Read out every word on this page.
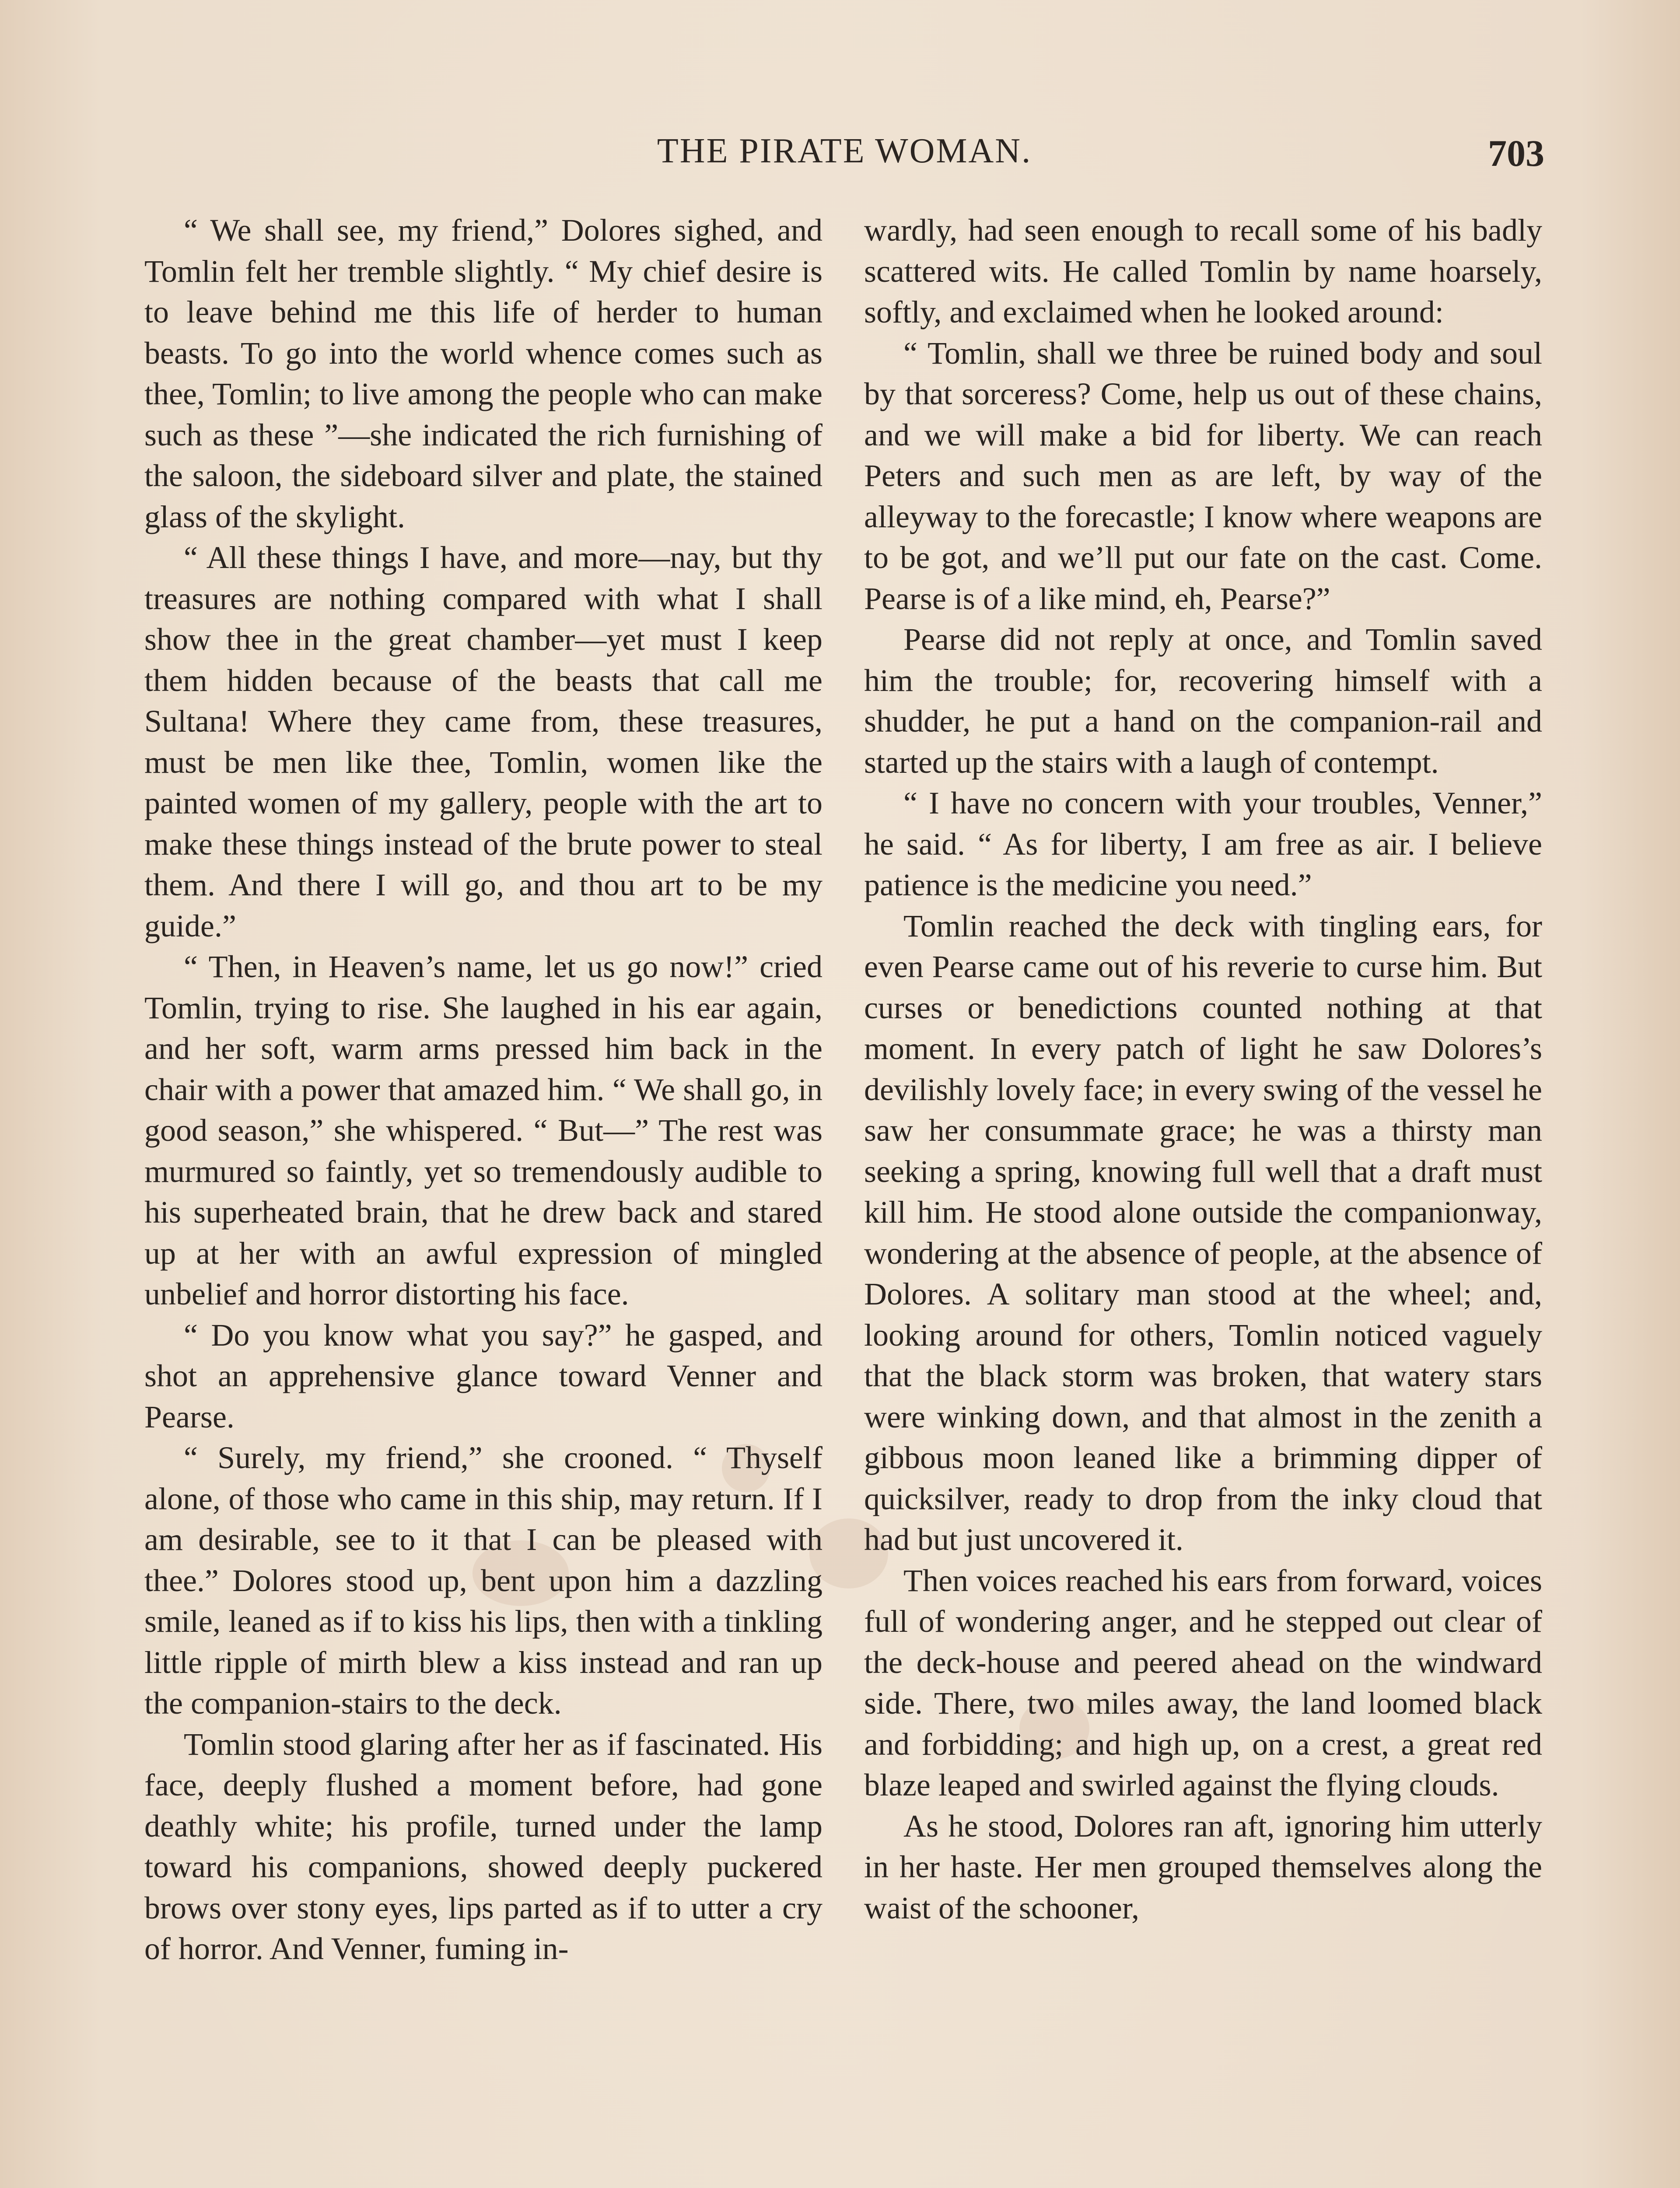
THE PIRATE WOMAN.	703

“ We shall see, my friend,” Dolores sighed, and Tomlin felt her tremble slightly. “ My chief desire is to leave behind me this life of herder to human beasts. To go into the world whence comes such as thee, Tomlin; to live among the people who can make such as these ”—she indicated the rich furnishing of the saloon, the sideboard silver and plate, the stained glass of the skylight.

“ All these things I have, and more—nay, but thy treasures are nothing compared with what I shall show thee in the great chamber—yet must I keep them hidden because of the beasts that call me Sultana! Where they came from, these treasures, must be men like thee, Tomlin, women like the painted women of my gallery, people with the art to make these things instead of the brute power to steal them. And there I will go, and thou art to be my guide.”

“ Then, in Heaven’s name, let us go now!” cried Tomlin, trying to rise. She laughed in his ear again, and her soft, warm arms pressed him back in the chair with a power that amazed him. “ We shall go, in good season,” she whispered. “ But—” The rest was murmured so faintly, yet so tremendously audible to his superheated brain, that he drew back and stared up at her with an awful expression of mingled unbelief and horror distorting his face.

“ Do you know what you say?” he gasped, and shot an apprehensive glance toward Venner and Pearse.

“ Surely, my friend,” she crooned. “ Thyself alone, of those who came in this ship, may return. If I am desirable, see to it that I can be pleased with thee.” Dolores stood up, bent upon him a dazzling smile, leaned as if to kiss his lips, then with a tinkling little ripple of mirth blew a kiss instead and ran up the companion-stairs to the deck.

Tomlin stood glaring after her as if fascinated. His face, deeply flushed a moment before, had gone deathly white; his profile, turned under the lamp toward his companions, showed deeply puckered brows over stony eyes, lips parted as if to utter a cry of horror. And Venner, fuming in-

wardly, had seen enough to recall some of his badly scattered wits. He called Tomlin by name hoarsely, softly, and exclaimed when he looked around:

“ Tomlin, shall we three be ruined body and soul by that sorceress? Come, help us out of these chains, and we will make a bid for liberty. We can reach Peters and such men as are left, by way of the alleyway to the forecastle; I know where weapons are to be got, and we’ll put our fate on the cast. Come. Pearse is of a like mind, eh, Pearse?”

Pearse did not reply at once, and Tomlin saved him the trouble; for, recovering himself with a shudder, he put a hand on the companion-rail and started up the stairs with a laugh of contempt.

“ I have no concern with your troubles, Venner,” he said. “ As for liberty, I am free as air. I believe patience is the medicine you need.”

Tomlin reached the deck with tingling ears, for even Pearse came out of his reverie to curse him. But curses or benedictions counted nothing at that moment. In every patch of light he saw Dolores’s devilishly lovely face; in every swing of the vessel he saw her consummate grace; he was a thirsty man seeking a spring, knowing full well that a draft must kill him. He stood alone outside the companionway, wondering at the absence of people, at the absence of Dolores. A solitary man stood at the wheel; and, looking around for others, Tomlin noticed vaguely that the black storm was broken, that watery stars were winking down, and that almost in the zenith a gibbous moon leaned like a brimming dipper of quicksilver, ready to drop from the inky cloud that had but just uncovered it.

Then voices reached his ears from forward, voices full of wondering anger, and he stepped out clear of the deck-house and peered ahead on the windward side. There, two miles away, the land loomed black and forbidding; and high up, on a crest, a great red blaze leaped and swirled against the flying clouds.

As he stood, Dolores ran aft, ignoring him utterly in her haste. Her men grouped themselves along the waist of the schooner,
